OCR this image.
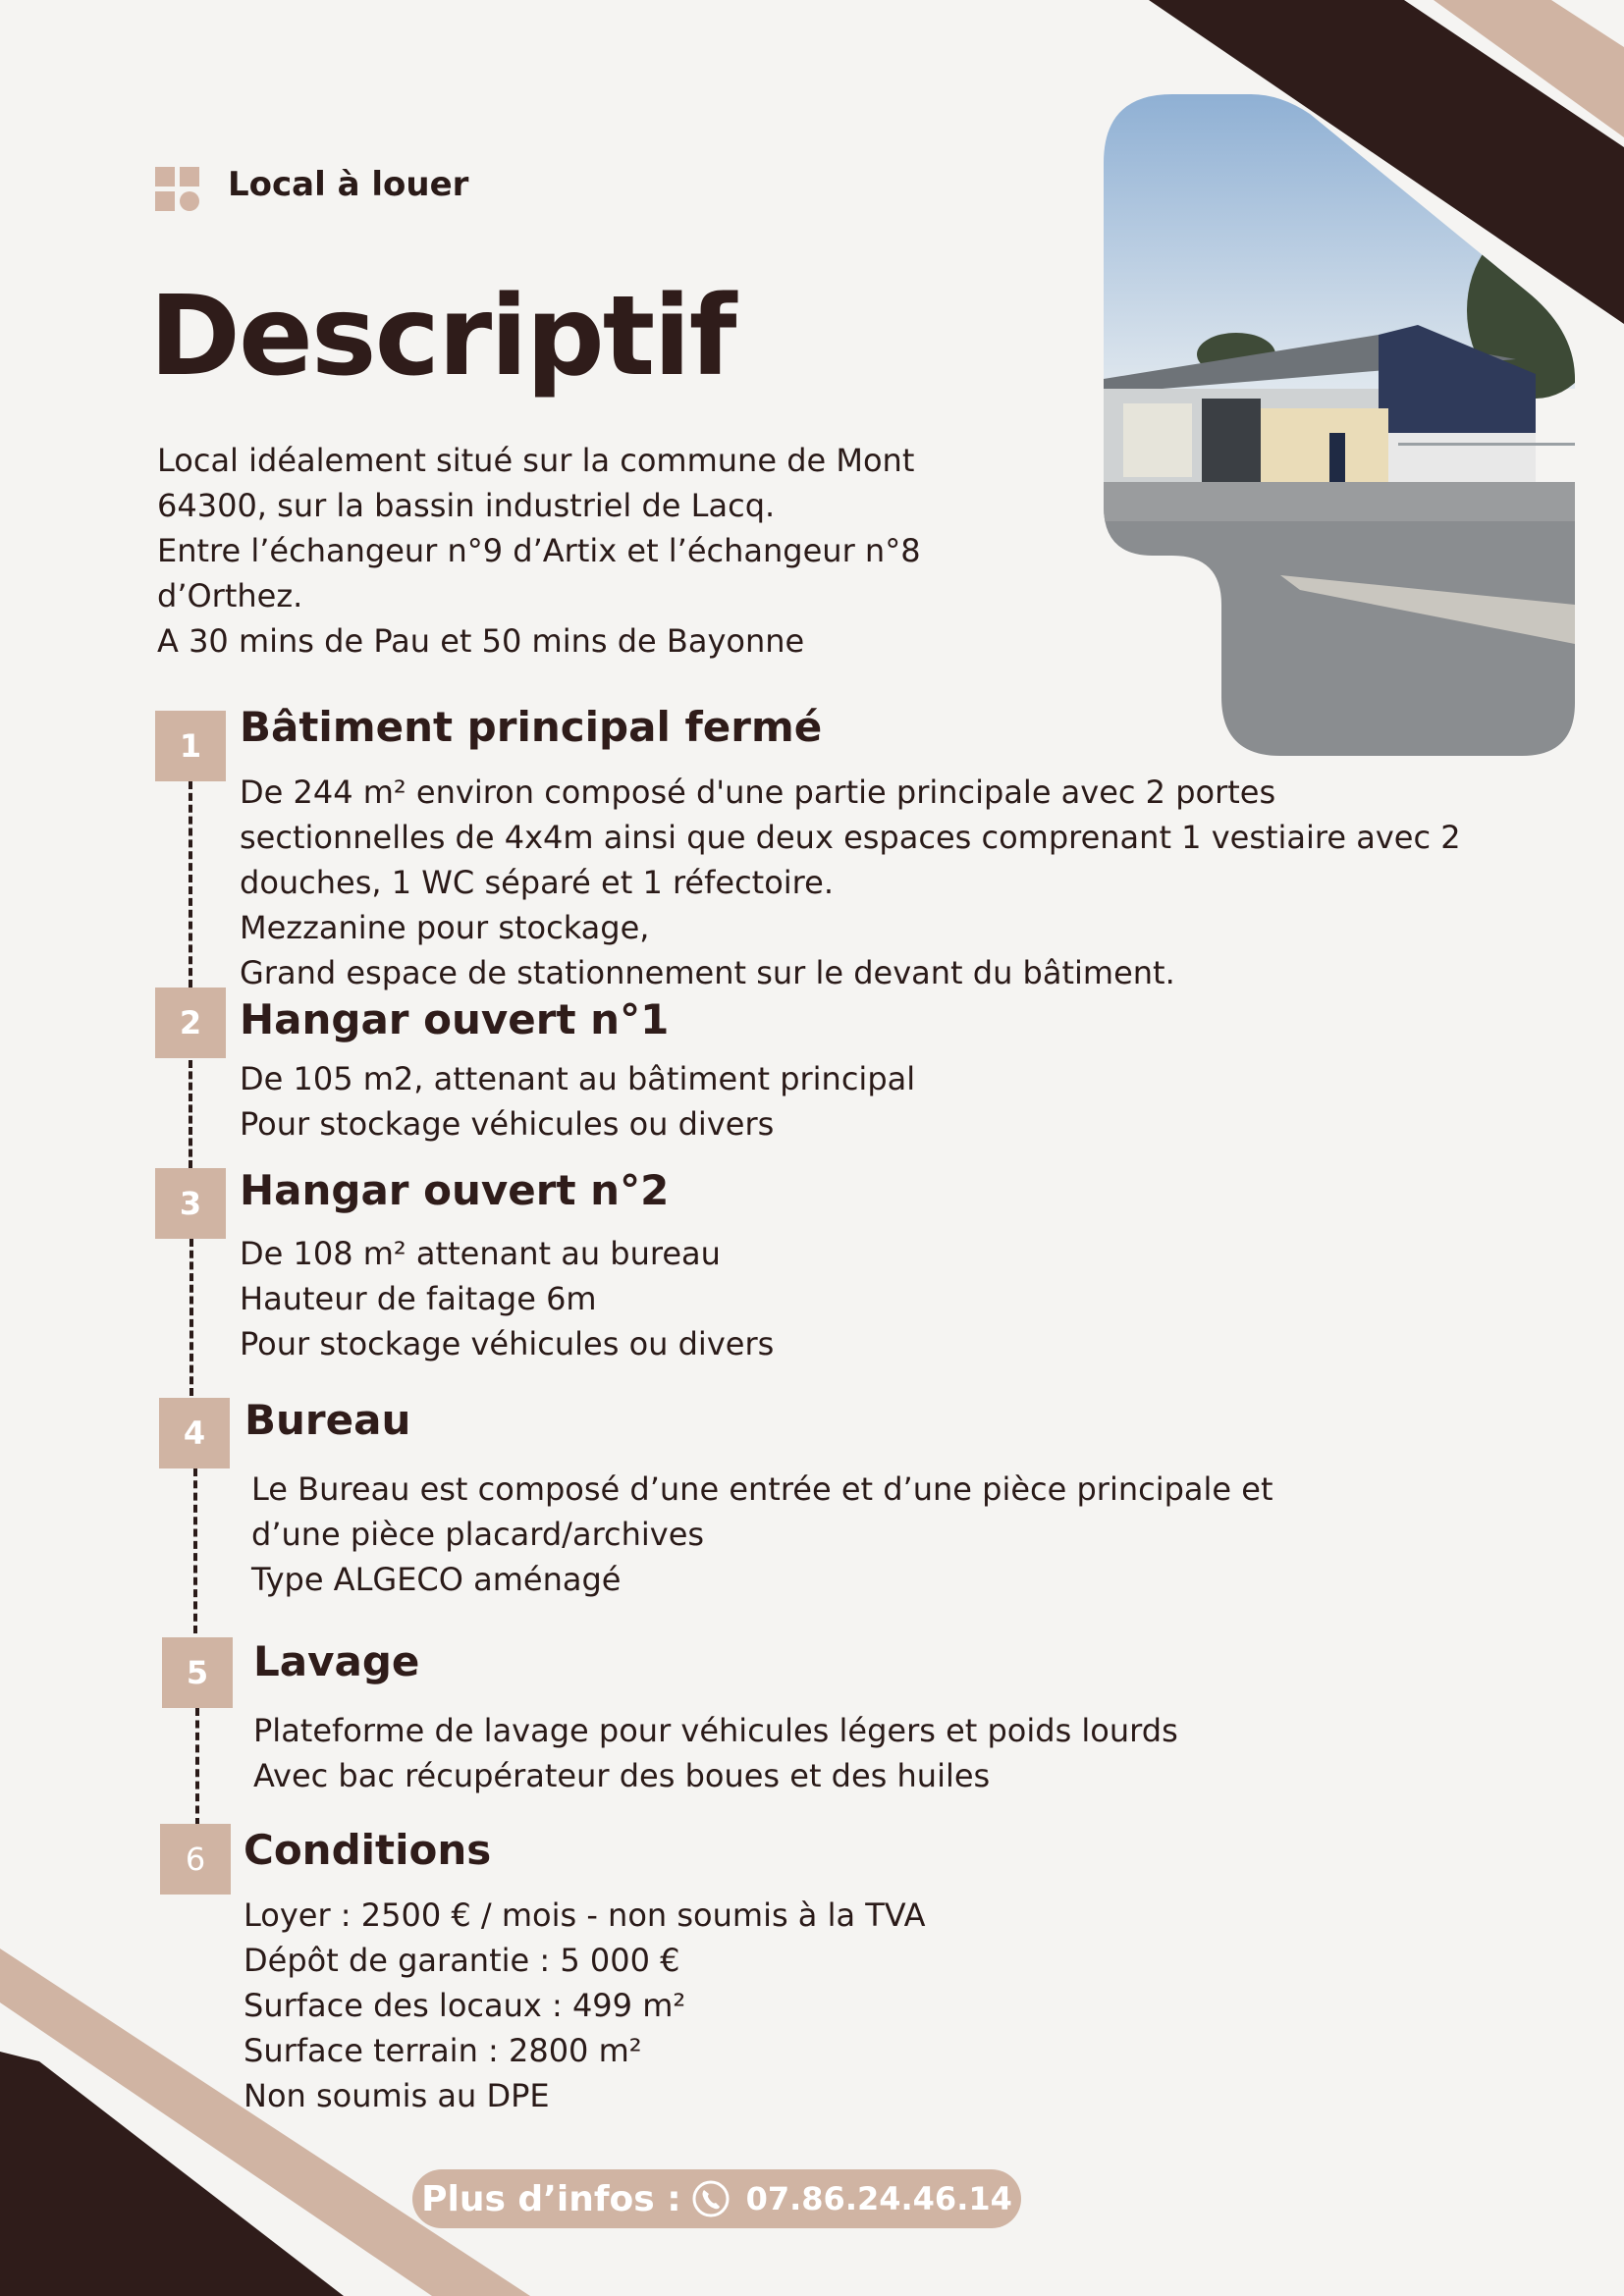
Local à louer
Descriptif
Local idéalement situé sur la commune de Mont
64300, sur la bassin industriel de Lacq.
Entre l’échangeur n°9 d’Artix et l’échangeur n°8
d’Orthez.
A 30 mins de Pau et 50 mins de Bayonne
1 Bâtiment principal fermé
De 244 m² environ composé d'une partie principale avec 2 portes
sectionnelles de 4x4m ainsi que deux espaces comprenant 1 vestiaire avec 2
douches, 1 WC séparé et 1 réfectoire.
Mezzanine pour stockage,
Grand espace de stationnement sur le devant du bâtiment.
2 Hangar ouvert n°1
De 105 m2, attenant au bâtiment principal
Pour stockage véhicules ou divers
3 Hangar ouvert n°2
De 108 m² attenant au bureau
Hauteur de faitage 6m
Pour stockage véhicules ou divers
4 Bureau
Le Bureau est composé d’une entrée et d’une pièce principale et
d’une pièce placard/archives
Type ALGECO aménagé
5	Lavage
Plateforme de lavage pour véhicules légers et poids lourds
Avec bac récupérateur des boues et des huiles
6 Conditions
Loyer : 2500 € / mois - non soumis à la TVA
Dépôt de garantie : 5 000 €
Surface des locaux : 499 m²
Surface terrain : 2800 m²
Non soumis au DPE
Plus d’infos : 07.86.24.46.14
